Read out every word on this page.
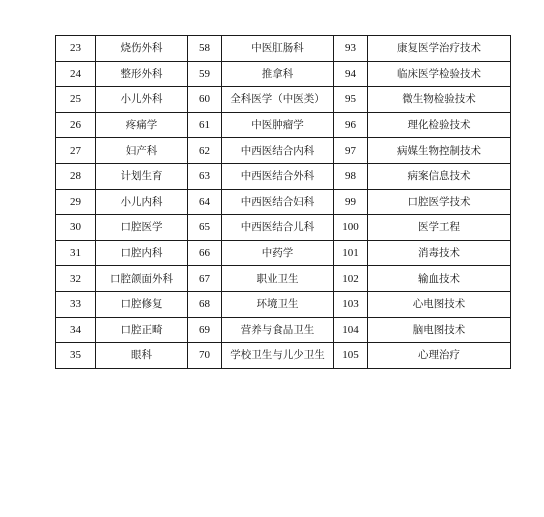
23	烧伤外科	58	中医肛肠科	93	康复医学治疗技术
24	整形外科	59	推拿科	94	临床医学检验技术
25	小儿外科	60	全科医学（中医类）	95	微生物检验技术
26	疼痛学	61	中医肿瘤学	96	理化检验技术
27	妇产科	62	中西医结合内科	97	病媒生物控制技术
28	计划生育	63	中西医结合外科	98	病案信息技术
29	小儿内科	64	中西医结合妇科	99	口腔医学技术
30	口腔医学	65	中西医结合儿科	100	医学工程
31	口腔内科	66	中药学	101	消毒技术
32	口腔颌面外科	67	职业卫生	102	输血技术
33	口腔修复	68	环境卫生	103	心电图技术
34	口腔正畸	69	营养与食品卫生	104	脑电图技术
35	眼科	70	学校卫生与儿少卫生	105	心理治疗
